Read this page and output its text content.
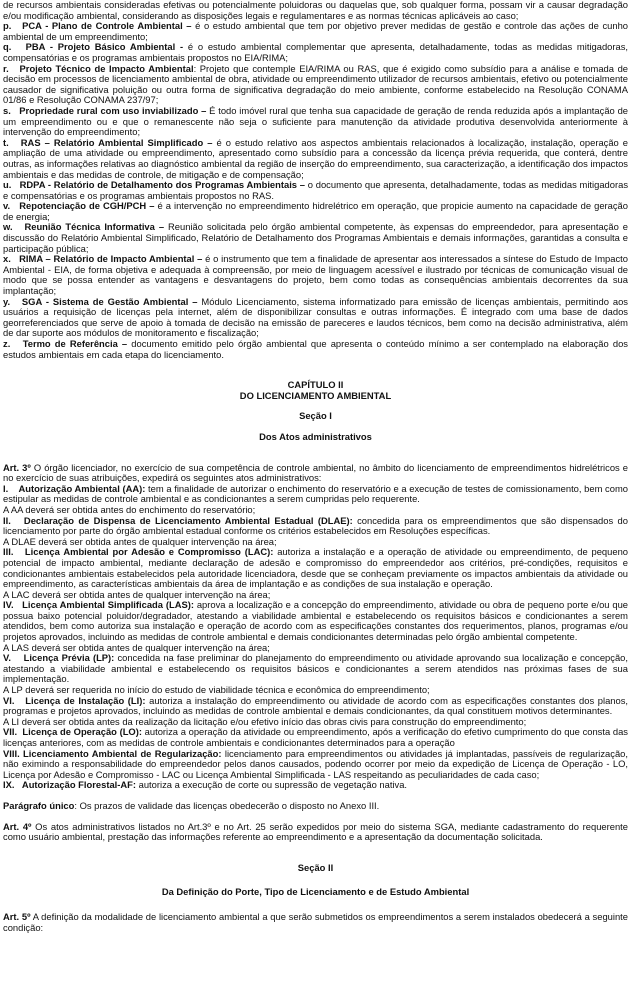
de recursos ambientais consideradas efetivas ou potencialmente poluidoras ou daquelas que, sob qualquer forma, possam vir a causar degradação e/ou modificação ambiental, considerando as disposições legais e regulamentares e as normas técnicas aplicáveis ao caso;

p.   PCA - Plano de Controle Ambiental – é o estudo ambiental que tem por objetivo prever medidas de gestão e controle das ações de cunho ambiental de um empreendimento;

q.   PBA - Projeto Básico Ambiental - é o estudo ambiental complementar que apresenta, detalhadamente, todas as medidas mitigadoras, compensatórias e os programas ambientais propostos no EIA/RIMA;

r.   Projeto Técnico de Impacto Ambiental: Projeto que contemple EIA/RIMA ou RAS, que é exigido como subsídio para a análise e tomada de decisão em processos de licenciamento ambiental de obra, atividade ou empreendimento utilizador de recursos ambientais, efetivo ou potencialmente causador de significativa poluição ou outra forma de significativa degradação do meio ambiente, conforme estabelecido na Resolução CONAMA 01/86 e Resolução CONAMA 237/97;

s.   Propriedade rural com uso inviabilizado – É todo imóvel rural que tenha sua capacidade de geração de renda reduzida após a implantação de um empreendimento ou e que o remanescente não seja o suficiente para manutenção da atividade produtiva desenvolvida anteriormente à intervenção do empreendimento;

t.   RAS – Relatório Ambiental Simplificado – é o estudo relativo aos aspectos ambientais relacionados à localização, instalação, operação e ampliação de uma atividade ou empreendimento, apresentado como subsídio para a concessão da licença prévia requerida, que conterá, dentre outras, as informações relativas ao diagnóstico ambiental da região de inserção do empreendimento, sua caracterização, a identificação dos impactos ambientais e das medidas de controle, de mitigação e de compensação;

u.   RDPA - Relatório de Detalhamento dos Programas Ambientais – o documento que apresenta, detalhadamente, todas as medidas mitigadoras e compensatórias e os programas ambientais propostos no RAS.

v.   Repotenciação de CGH/PCH – é a intervenção no empreendimento hidrelétrico em operação, que propicie aumento na capacidade de geração de energia;

w.   Reunião Técnica Informativa – Reunião solicitada pelo órgão ambiental competente, às expensas do empreendedor, para apresentação e discussão do Relatório Ambiental Simplificado, Relatório de Detalhamento dos Programas Ambientais e demais informações, garantidas a consulta e participação pública;

x.   RIMA – Relatório de Impacto Ambiental – é o instrumento que tem a finalidade de apresentar aos interessados a síntese do Estudo de Impacto Ambiental - EIA, de forma objetiva e adequada à compreensão, por meio de linguagem acessível e ilustrado por técnicas de comunicação visual de modo que se possa entender as vantagens e desvantagens do projeto, bem como todas as consequências ambientais decorrentes da sua implantação;

y.   SGA - Sistema de Gestão Ambiental – Módulo Licenciamento, sistema informatizado para emissão de licenças ambientais, permitindo aos usuários a requisição de licenças pela internet, além de disponibilizar consultas e outras informações. É integrado com uma base de dados georreferenciados que serve de apoio à tomada de decisão na emissão de pareceres e laudos técnicos, bem como na decisão administrativa, além de dar suporte aos módulos de monitoramento e fiscalização;

z.   Termo de Referência – documento emitido pelo órgão ambiental que apresenta o conteúdo mínimo a ser contemplado na elaboração dos estudos ambientais em cada etapa do licenciamento.

CAPÍTULO II

DO LICENCIAMENTO AMBIENTAL

Seção I

Dos Atos administrativos

Art. 3º O órgão licenciador, no exercício de sua competência de controle ambiental, no âmbito do licenciamento de empreendimentos hidrelétricos e no exercício de suas atribuições, expedirá os seguintes atos administrativos:

I.    Autorização Ambiental (AA): tem a finalidade de autorizar o enchimento do reservatório e a execução de testes de comissionamento, bem como estipular as medidas de controle ambiental e as condicionantes a serem cumpridas pelo requerente.

A AA deverá ser obtida antes do enchimento do reservatório;

II.   Declaração de Dispensa de Licenciamento Ambiental Estadual (DLAE): concedida para os empreendimentos que são dispensados do licenciamento por parte do órgão ambiental estadual conforme os critérios estabelecidos em Resoluções específicas.

A DLAE deverá ser obtida antes de qualquer intervenção na área;

III.   Licença Ambiental por Adesão e Compromisso (LAC): autoriza a instalação e a operação de atividade ou empreendimento, de pequeno potencial de impacto ambiental, mediante declaração de adesão e compromisso do empreendedor aos critérios, pré-condições, requisitos e condicionantes ambientais estabelecidos pela autoridade licenciadora, desde que se conheçam previamente os impactos ambientais da atividade ou empreendimento, as características ambientais da área de implantação e as condições de sua instalação e operação.

A LAC deverá ser obtida antes de qualquer intervenção na área;

IV.   Licença Ambiental Simplificada (LAS): aprova a localização e a concepção do empreendimento, atividade ou obra de pequeno porte e/ou que possua baixo potencial poluidor/degradador, atestando a viabilidade ambiental e estabelecendo os requisitos básicos e condicionantes a serem atendidos, bem como autoriza sua instalação e operação de acordo com as especificações constantes dos requerimentos, planos, programas e/ou projetos aprovados, incluindo as medidas de controle ambiental e demais condicionantes determinadas pelo órgão ambiental competente.

A LAS deverá ser obtida antes de qualquer intervenção na área;

V.    Licença Prévia (LP): concedida na fase preliminar do planejamento do empreendimento ou atividade aprovando sua localização e concepção, atestando a viabilidade ambiental e estabelecendo os requisitos básicos e condicionantes a serem atendidos nas próximas fases de sua implementação.

A LP deverá ser requerida no início do estudo de viabilidade técnica e econômica do empreendimento;

VI.   Licença de Instalação (LI): autoriza a instalação do empreendimento ou atividade de acordo com as especificações constantes dos planos, programas e projetos aprovados, incluindo as medidas de controle ambiental e demais condicionantes, da qual constituem motivos determinantes.

A LI deverá ser obtida antes da realização da licitação e/ou efetivo início das obras civis para construção do empreendimento;

VII.  Licença de Operação (LO): autoriza a operação da atividade ou empreendimento, após a verificação do efetivo cumprimento do que consta das licenças anteriores, com as medidas de controle ambientais e condicionantes determinados para a operação

VIII. Licenciamento Ambiental de Regularização: licenciamento para empreendimentos ou atividades já implantadas, passíveis de regularização, não eximindo a responsabilidade do empreendedor pelos danos causados, podendo ocorrer por meio da expedição de Licença de Operação - LO, Licença por Adesão e Compromisso - LAC ou Licença Ambiental Simplificada - LAS respeitando as peculiaridades de cada caso;

IX.   Autorização Florestal-AF: autoriza a execução de corte ou supressão de vegetação nativa.

Parágrafo único: Os prazos de validade das licenças obedecerão o disposto no Anexo III.

Art. 4º Os atos administrativos listados no Art.3º e no Art. 25 serão expedidos por meio do sistema SGA, mediante cadastramento do requerente como usuário ambiental, prestação das informações referente ao empreendimento e a apresentação da documentação solicitada.

Seção II

Da Definição do Porte, Tipo de Licenciamento e de Estudo Ambiental

Art. 5º A definição da modalidade de licenciamento ambiental a que serão submetidos os empreendimentos a serem instalados obedecerá a seguinte condição:
